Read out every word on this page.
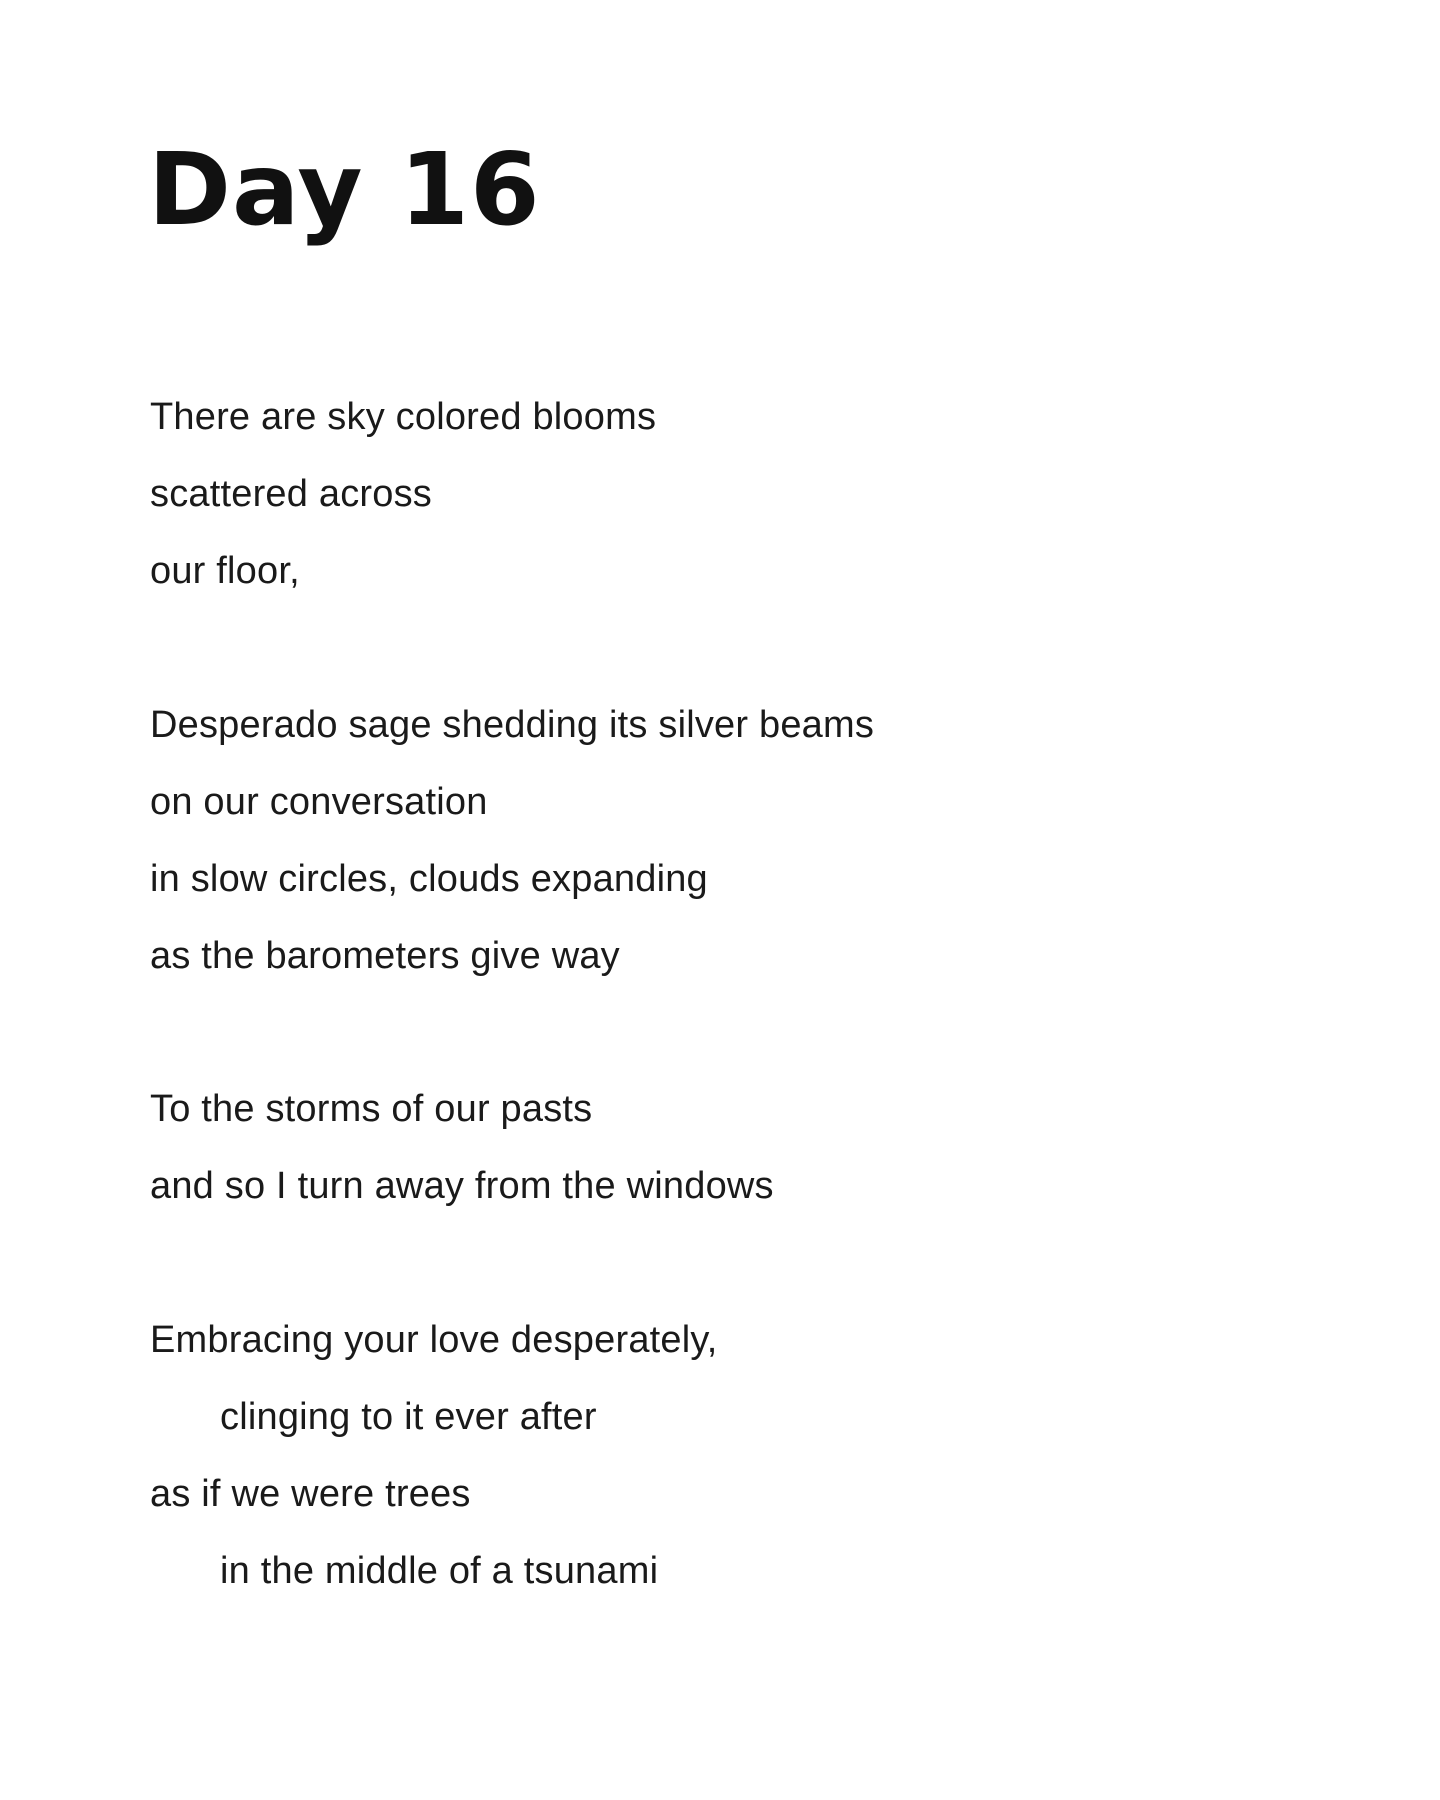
Day 16
There are sky colored blooms
scattered across
our floor,
Desperado sage shedding its silver beams
on our conversation
in slow circles, clouds expanding
as the barometers give way
To the storms of our pasts
and so I turn away from the windows
Embracing your love desperately,
clinging to it ever after
as if we were trees
in the middle of a tsunami
